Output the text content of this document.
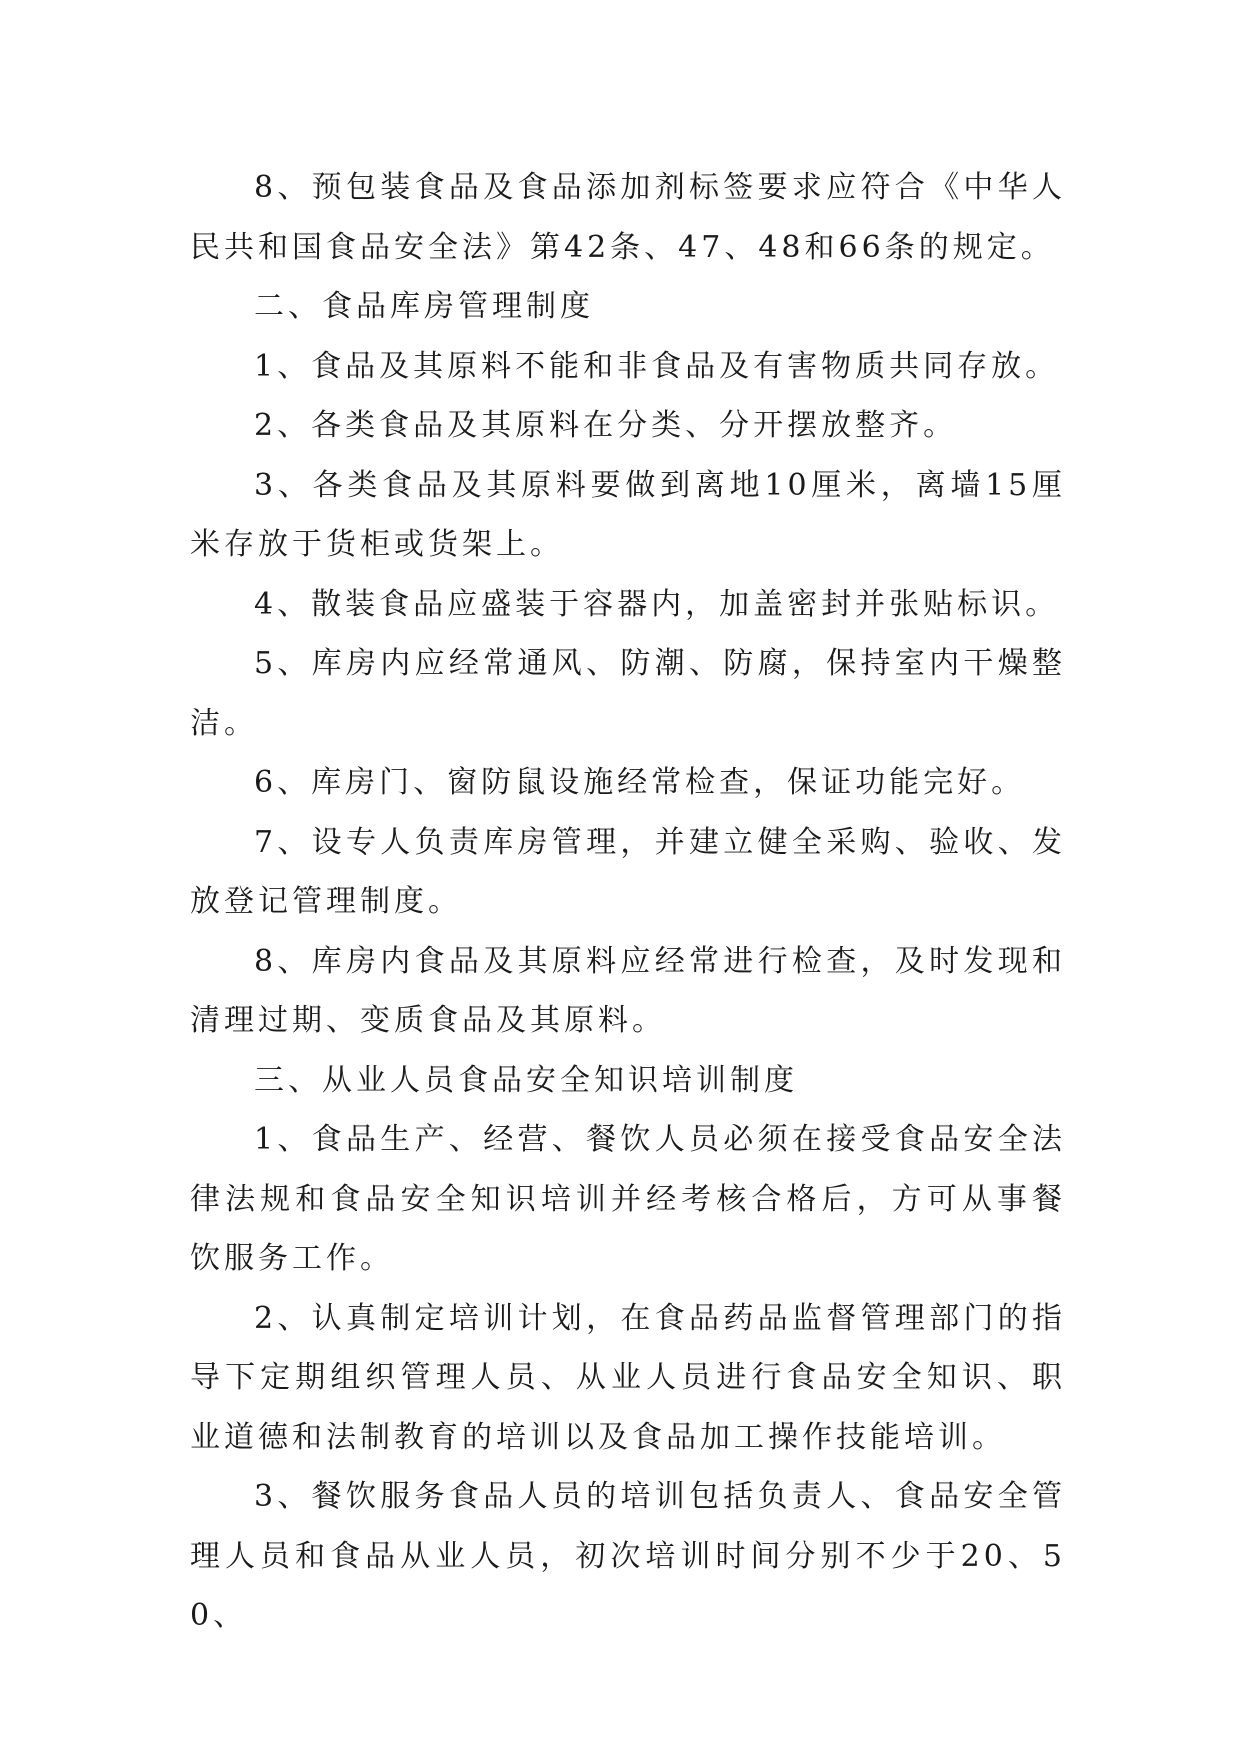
8、预包装食品及食品添加剂标签要求应符合《中华人民共和国食品安全法》第42条、47、48和66条的规定。

二、食品库房管理制度

1、食品及其原料不能和非食品及有害物质共同存放。

2、各类食品及其原料在分类、分开摆放整齐。

3、各类食品及其原料要做到离地10厘米，离墙15厘米存放于货柜或货架上。

4、散装食品应盛装于容器内，加盖密封并张贴标识。

5、库房内应经常通风、防潮、防腐，保持室内干燥整洁。

6、库房门、窗防鼠设施经常检查，保证功能完好。

7、设专人负责库房管理，并建立健全采购、验收、发放登记管理制度。

8、库房内食品及其原料应经常进行检查，及时发现和清理过期、变质食品及其原料。

三、从业人员食品安全知识培训制度

1、食品生产、经营、餐饮人员必须在接受食品安全法律法规和食品安全知识培训并经考核合格后，方可从事餐饮服务工作。

2、认真制定培训计划，在食品药品监督管理部门的指导下定期组织管理人员、从业人员进行食品安全知识、职业道德和法制教育的培训以及食品加工操作技能培训。

3、餐饮服务食品人员的培训包括负责人、食品安全管理人员和食品从业人员，初次培训时间分别不少于20、50、
